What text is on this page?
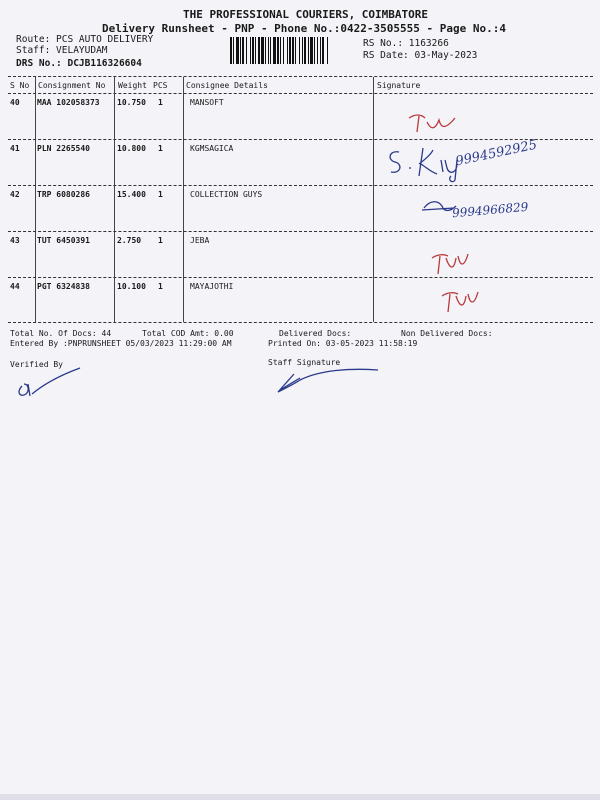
THE PROFESSIONAL COURIERS, COIMBATORE
Delivery Runsheet - PNP - Phone No.:0422-3505555 - Page No.:4
Route: PCS AUTO DELIVERY
Staff: VELAYUDAM
DRS No.: DCJB116326604
RS No.: 1163266
RS Date: 03-May-2023
S No Consignment No Weight PCS Consignee Details	Signature
40 MAA 102058373 10.750 1	MANSOFT
41 PLN 2265540	10.800 1	KGMSAGICA
42 TRP 6080286	15.400 1	COLLECTION GUYS
43 TUT 6450391	2.750 1	JEBA
44 PGT 6324838	10.100 1	MAYAJOTHI
9994592925
9994966829
Total No. Of Docs: 44	Total COD Amt: 0.00	Delivered Docs:	Non Delivered Docs:
Entered By :PNPRUNSHEET 05/03/2023 11:29:00 AM	Printed On: 03-05-2023 11:58:19
Verified By	Staff Signature
